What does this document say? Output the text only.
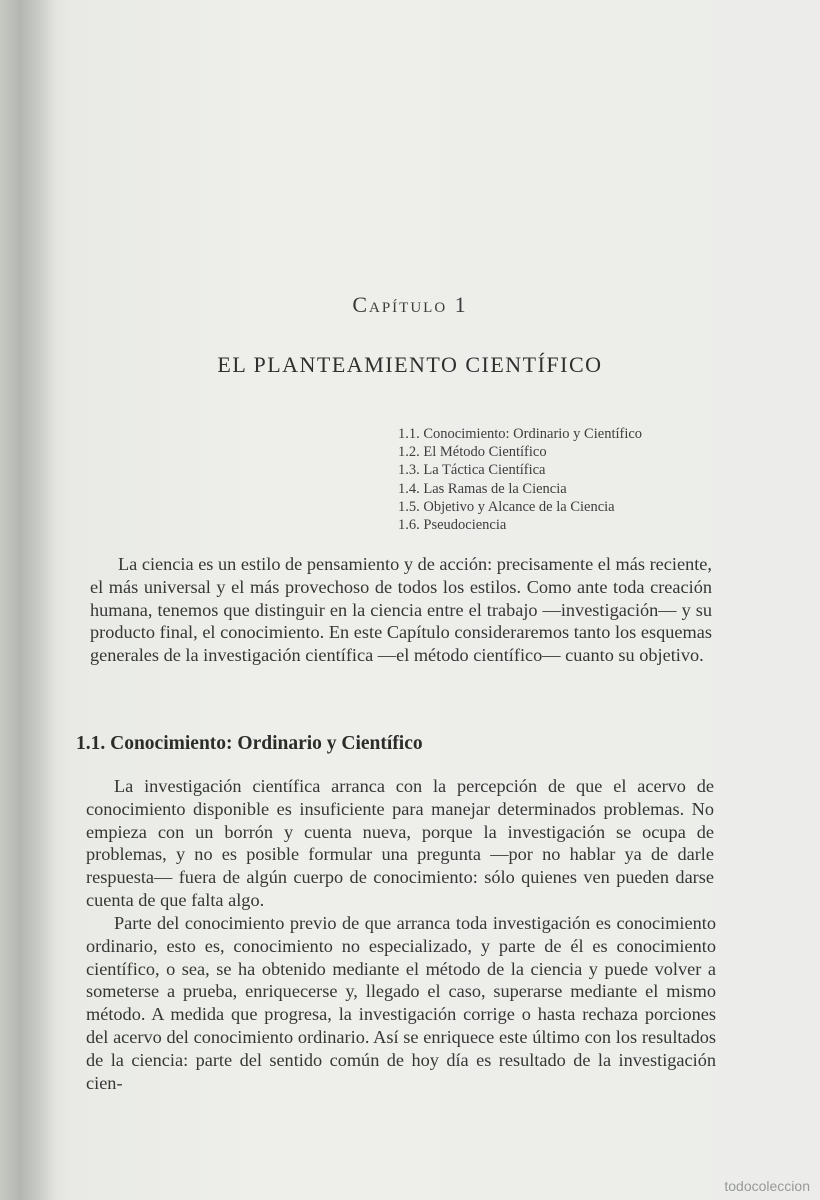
Capítulo 1
EL PLANTEAMIENTO CIENTÍFICO
1.1. Conocimiento: Ordinario y Científico
1.2. El Método Científico
1.3. La Táctica Científica
1.4. Las Ramas de la Ciencia
1.5. Objetivo y Alcance de la Ciencia
1.6. Pseudociencia

La ciencia es un estilo de pensamiento y de acción: precisamente el más reciente, el más universal y el más provechoso de todos los estilos. Como ante toda creación humana, tenemos que distinguir en la ciencia entre el trabajo —investigación— y su producto final, el conocimiento. En este Capítulo consideraremos tanto los esquemas generales de la investigación científica —el método científico— cuanto su objetivo.

1.1. Conocimiento: Ordinario y Científico

La investigación científica arranca con la percepción de que el acervo de conocimiento disponible es insuficiente para manejar determinados problemas. No empieza con un borrón y cuenta nueva, porque la investigación se ocupa de problemas, y no es posible formular una pregunta —por no hablar ya de darle respuesta— fuera de algún cuerpo de conocimiento: sólo quienes ven pueden darse cuenta de que falta algo.

Parte del conocimiento previo de que arranca toda investigación es conocimiento ordinario, esto es, conocimiento no especializado, y parte de él es conocimiento científico, o sea, se ha obtenido mediante el método de la ciencia y puede volver a someterse a prueba, enriquecerse y, llegado el caso, superarse mediante el mismo método. A medida que progresa, la investigación corrige o hasta rechaza porciones del acervo del conocimiento ordinario. Así se enriquece este último con los resultados de la ciencia: parte del sentido común de hoy día es resultado de la investigación cien-

todocoleccion
